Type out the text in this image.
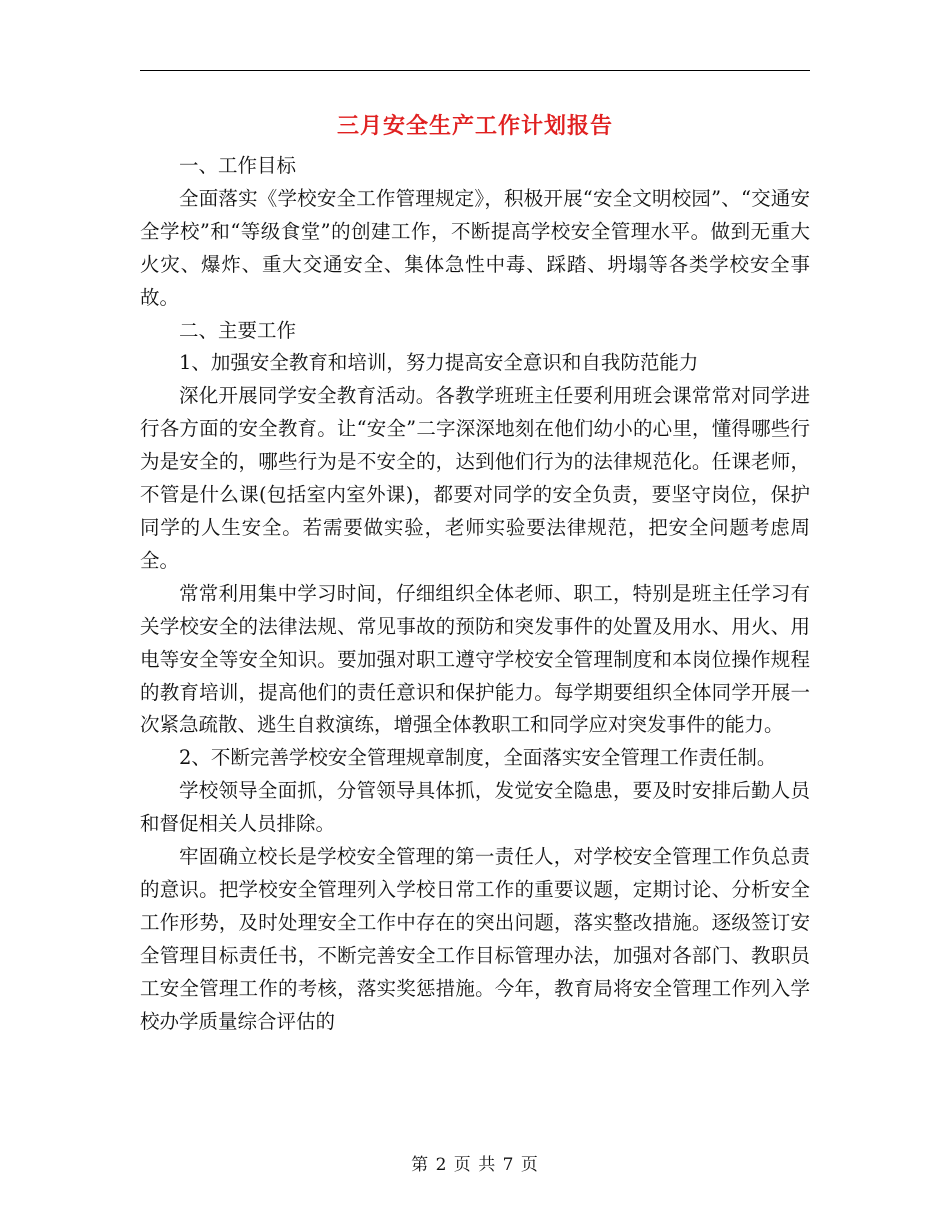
三月安全生产工作计划报告

一、工作目标

全面落实《学校安全工作管理规定》，积极开展“安全文明校园”、“交通安全学校”和“等级食堂”的创建工作，不断提高学校安全管理水平。做到无重大火灾、爆炸、重大交通安全、集体急性中毒、踩踏、坍塌等各类学校安全事故。

二、主要工作

1、加强安全教育和培训，努力提高安全意识和自我防范能力

深化开展同学安全教育活动。各教学班班主任要利用班会课常常对同学进行各方面的安全教育。让“安全”二字深深地刻在他们幼小的心里，懂得哪些行为是安全的，哪些行为是不安全的，达到他们行为的法律规范化。任课老师，不管是什么课(包括室内室外课)，都要对同学的安全负责，要坚守岗位，保护同学的人生安全。若需要做实验，老师实验要法律规范，把安全问题考虑周全。

常常利用集中学习时间，仔细组织全体老师、职工，特别是班主任学习有关学校安全的法律法规、常见事故的预防和突发事件的处置及用水、用火、用电等安全等安全知识。要加强对职工遵守学校安全管理制度和本岗位操作规程的教育培训，提高他们的责任意识和保护能力。每学期要组织全体同学开展一次紧急疏散、逃生自救演练，增强全体教职工和同学应对突发事件的能力。

2、不断完善学校安全管理规章制度，全面落实安全管理工作责任制。

学校领导全面抓，分管领导具体抓，发觉安全隐患，要及时安排后勤人员和督促相关人员排除。

牢固确立校长是学校安全管理的第一责任人，对学校安全管理工作负总责的意识。把学校安全管理列入学校日常工作的重要议题，定期讨论、分析安全工作形势，及时处理安全工作中存在的突出问题，落实整改措施。逐级签订安全管理目标责任书，不断完善安全工作目标管理办法，加强对各部门、教职员工安全管理工作的考核，落实奖惩措施。今年，教育局将安全管理工作列入学校办学质量综合评估的

第 2 页 共 7 页
